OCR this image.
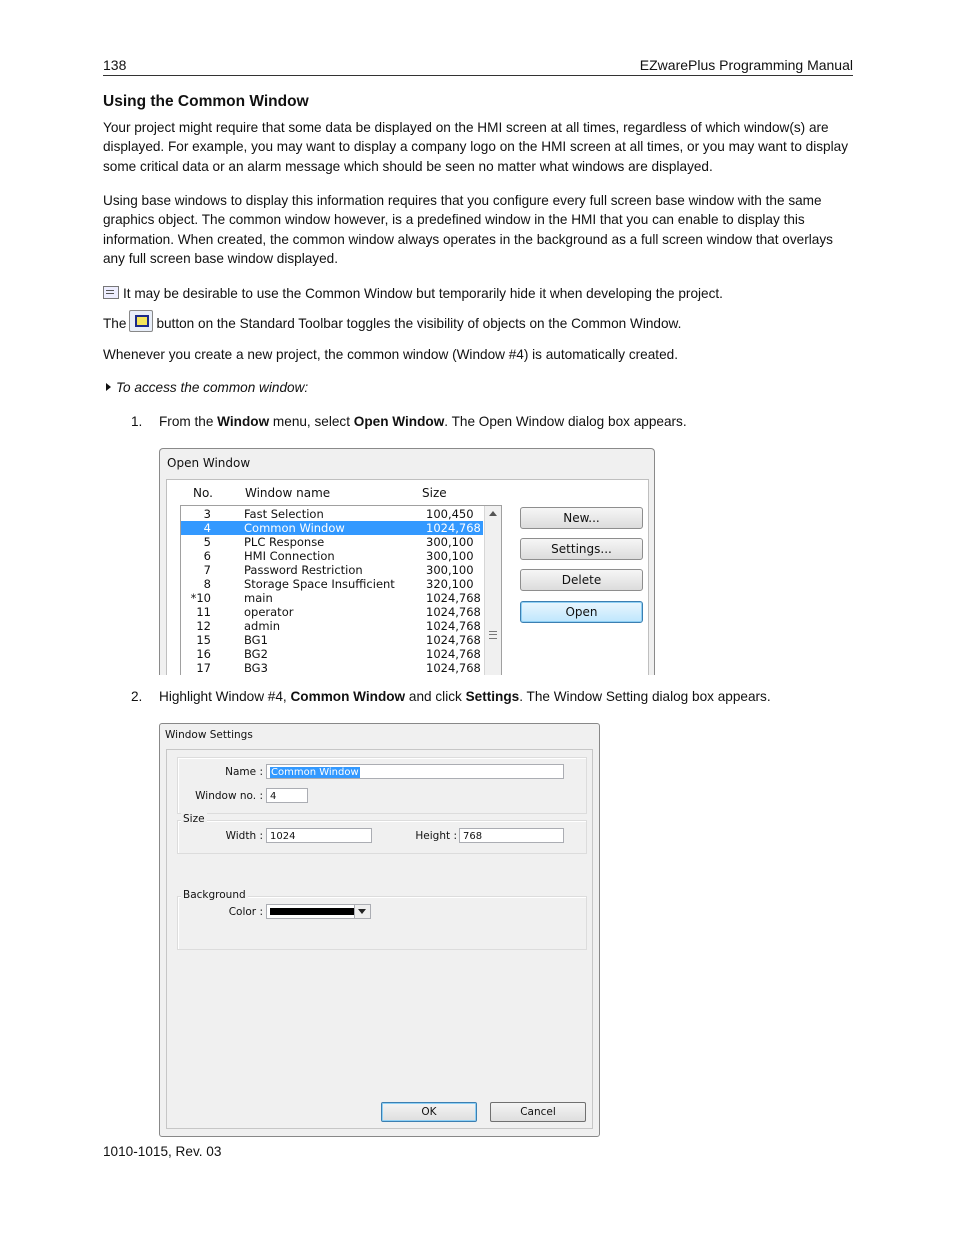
138	EZwarePlus Programming Manual
Using the Common Window
Your project might require that some data be displayed on the HMI screen at all times, regardless of which window(s) are displayed. For example, you may want to display a company logo on the HMI screen at all times, or you may want to display some critical data or an alarm message which should be seen no matter what windows are displayed.
Using base windows to display this information requires that you configure every full screen base window with the same graphics object. The common window however, is a predefined window in the HMI that you can enable to display this information. When created, the common window always operates in the background as a full screen window that overlays any full screen base window displayed.
It may be desirable to use the Common Window but temporarily hide it when developing the project.
The button on the Standard Toolbar toggles the visibility of objects on the Common Window.
Whenever you create a new project, the common window (Window #4) is automatically created.
To access the common window:
1. From the Window menu, select Open Window. The Open Window dialog box appears.
Open Window
No.	Window name	Size
3	Fast Selection	100,450
4	Common Window	1024,768
5	PLC Response	300,100
6	HMI Connection	300,100
7	Password Restriction	300,100
8	Storage Space Insufficient	320,100
*10	main	1024,768
11	operator	1024,768
12	admin	1024,768
15	BG1	1024,768
16	BG2	1024,768
17	BG3	1024,768
New...
Settings...
Delete
Open
2. Highlight Window #4, Common Window and click Settings. The Window Setting dialog box appears.
Window Settings
Name : Common Window
Window no. : 4
Size
Width : 1024	Height : 768
Background
Color :
OK	Cancel
1010-1015, Rev. 03
